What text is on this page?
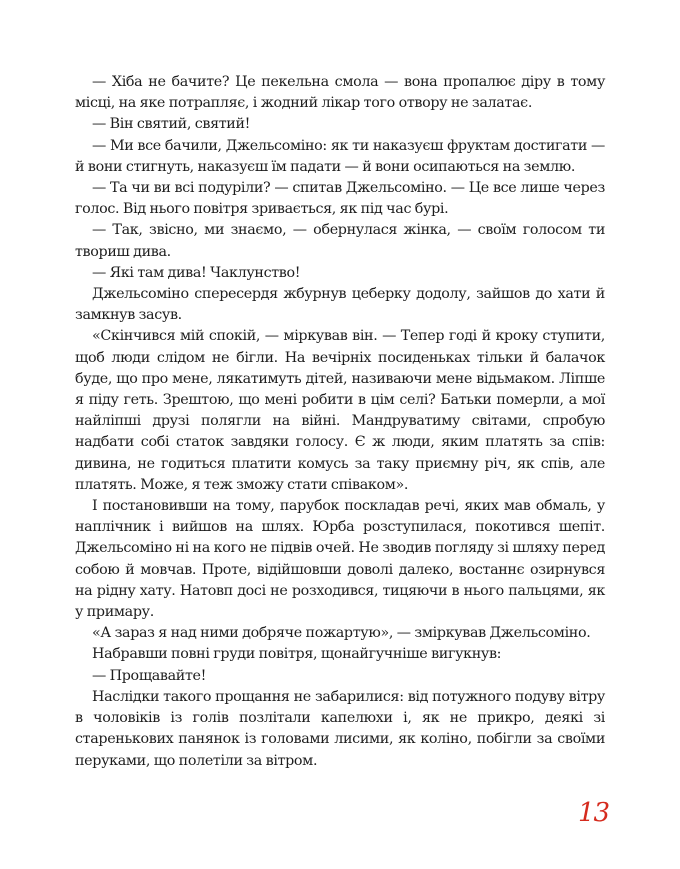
— Хіба не бачите? Це пекельна смола — вона пропалює діру в тому місці, на яке потрапляє, і жодний лікар того отвору не залатає.

— Він святий, святий!

— Ми все бачили, Джельсоміно: як ти наказуєш фруктам достигати — й вони стигнуть, наказуєш їм падати — й вони осипаються на землю.

— Та чи ви всі подуріли? — спитав Джельсоміно. — Це все лише через голос. Від нього повітря зривається, як під час бурі.

— Так, звісно, ми знаємо, — обернулася жінка, — своїм голосом ти твориш дива.

— Які там дива! Чаклунство!

Джельсоміно спересердя жбурнув цеберку додолу, зайшов до хати й замкнув засув.

«Скінчився мій спокій, — міркував він. — Тепер годі й кроку ступити, щоб люди слідом не бігли. На вечірніх посиденьках тільки й балачок буде, що про мене, лякатимуть дітей, називаючи мене відьмаком. Ліпше я піду геть. Зрештою, що мені робити в цім селі? Батьки померли, а мої найліпші друзі полягли на війні. Мандруватиму світами, спробую надбати собі статок завдяки голосу. Є ж люди, яким платять за спів: дивина, не годиться платити комусь за таку приємну річ, як спів, але платять. Може, я теж зможу стати співаком».

І постановивши на тому, парубок поскладав речі, яких мав обмаль, у наплічник і вийшов на шлях. Юрба розступилася, покотився шепіт. Джельсоміно ні на кого не підвів очей. Не зводив погляду зі шляху перед собою й мовчав. Проте, відійшовши доволі далеко, востаннє озирнувся на рідну хату. Натовп досі не розходився, тицяючи в нього пальцями, як у примару.

«А зараз я над ними добряче пожартую», — зміркував Джельсоміно.

Набравши повні груди повітря, щонайгучніше вигукнув:

— Прощавайте!

Наслідки такого прощання не забарилися: від потужного подуву вітру в чоловіків із голів позлітали капелюхи і, як не прикро, деякі зі старенькових панянок із головами лисими, як коліно, побігли за своїми перуками, що полетіли за вітром.

13
